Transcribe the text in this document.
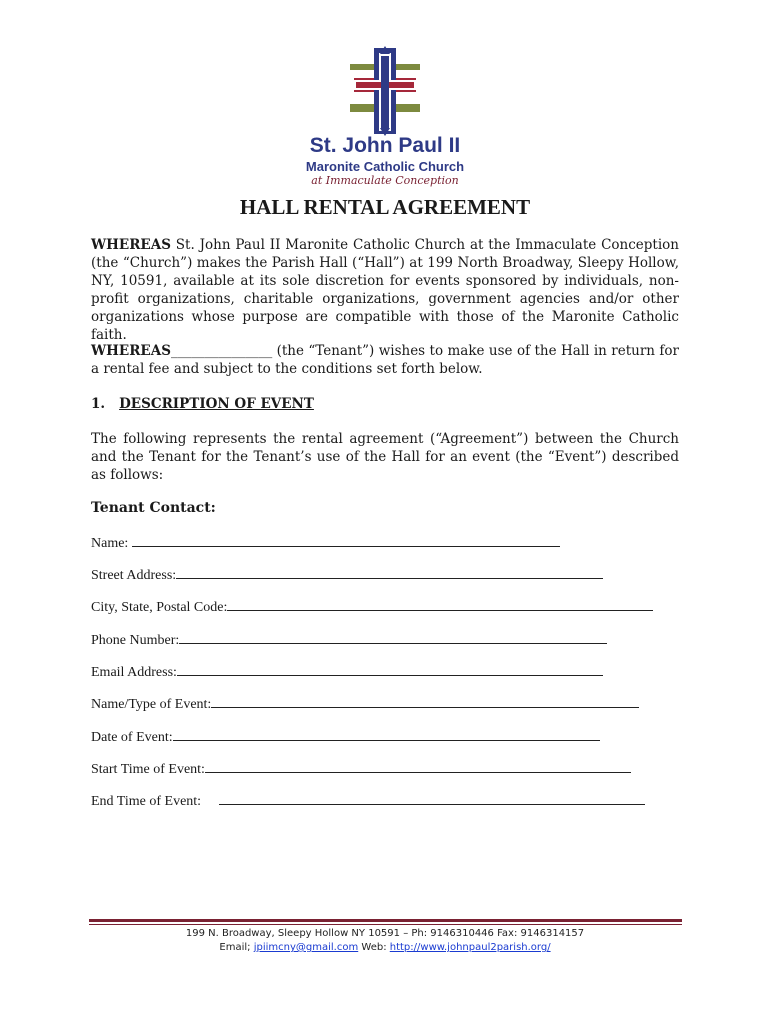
St. John Paul II
Maronite Catholic Church
at Immaculate Conception
HALL RENTAL AGREEMENT
WHEREAS St. John Paul II Maronite Catholic Church at the Immaculate Conception (the “Church”) makes the Parish Hall (“Hall”) at 199 North Broadway, Sleepy Hollow, NY, 10591, available at its sole discretion for events sponsored by individuals, non-profit organizations, charitable organizations, government agencies and/or other organizations whose purpose are compatible with those of the Maronite Catholic faith.
WHEREAS_______________ (the “Tenant”) wishes to make use of the Hall in return for a rental fee and subject to the conditions set forth below.
1. DESCRIPTION OF EVENT
The following represents the rental agreement (“Agreement”) between the Church and the Tenant for the Tenant’s use of the Hall for an event (the “Event”) described as follows:
Tenant Contact:
Name:
Street Address:
City, State, Postal Code:
Phone Number:
Email Address:
Name/Type of Event:
Date of Event:
Start Time of Event:
End Time of Event:
199 N. Broadway, Sleepy Hollow NY 10591 – Ph: 9146310446 Fax: 9146314157
Email; jpiimcny@gmail.com Web: http://www.johnpaul2parish.org/
